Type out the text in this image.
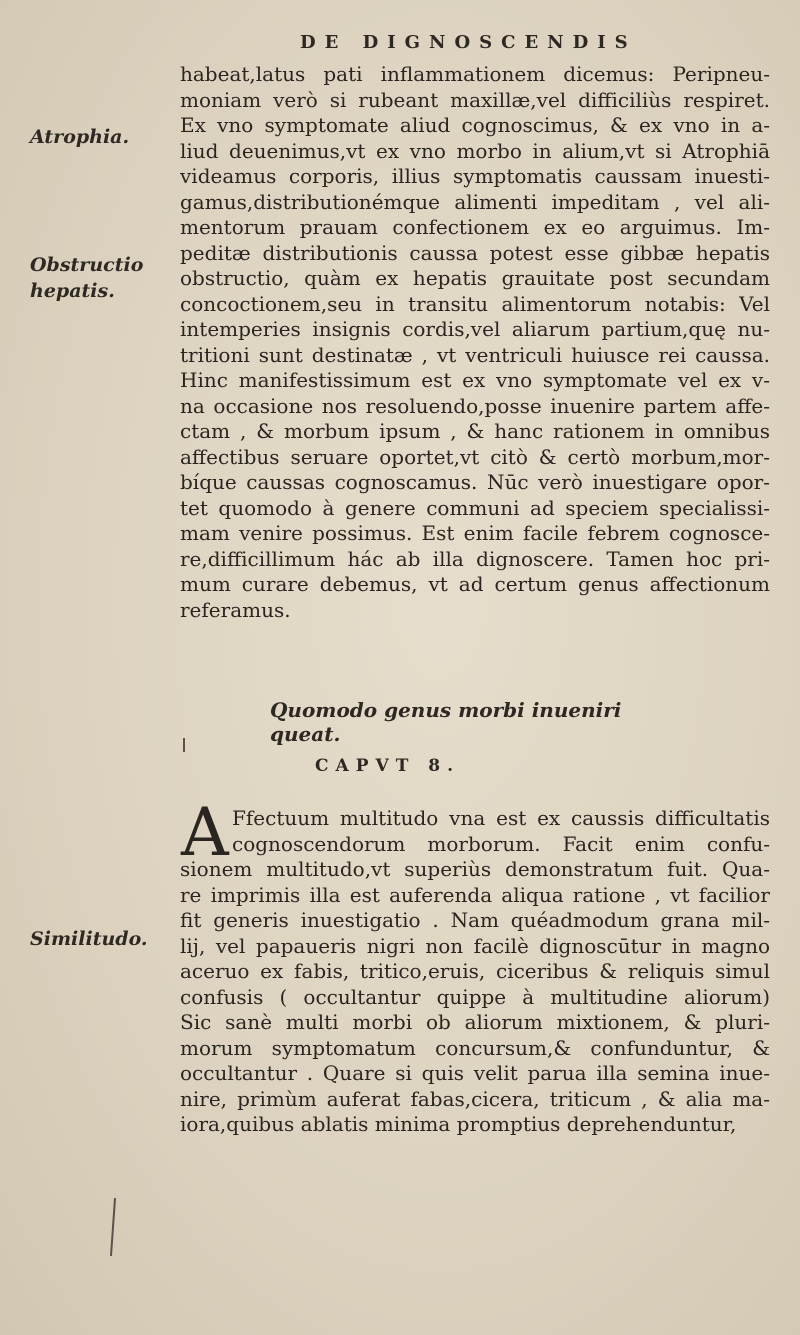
DE DIGNOSCENDIS
Atrophia.
Obstructio hepatis.
Similitudo.
habeat,latus pati inflammationem dicemus: Peripneu-
moniam verò si rubeant maxillæ,vel difficiliùs respiret.
Ex vno symptomate aliud cognoscimus, & ex vno in a-
liud deuenimus,vt ex vno morbo in alium,vt si Atrophiā
videamus corporis, illius symptomatis caussam inuesti-
gamus,distributionémque alimenti impeditam , vel ali-
mentorum prauam confectionem ex eo arguimus. Im-
peditæ distributionis caussa potest esse gibbæ hepatis
obstructio, quàm ex hepatis grauitate post secundam
concoctionem,seu in transitu alimentorum notabis: Vel
intemperies insignis cordis,vel aliarum partium,quę nu-
tritioni sunt destinatæ , vt ventriculi huiusce rei caussa.
Hinc manifestissimum est ex vno symptomate vel ex v-
na occasione nos resoluendo,posse inuenire partem affe-
ctam , & morbum ipsum , & hanc rationem in omnibus
affectibus seruare oportet,vt citò & certò morbum,mor-
bíque caussas cognoscamus. Nūc verò inuestigare opor-
tet quomodo à genere communi ad speciem specialissi-
mam venire possimus. Est enim facile febrem cognosce-
re,difficillimum hác ab illa dignoscere. Tamen hoc pri-
mum curare debemus, vt ad certum genus affectionum
referamus.
Quomodo genus morbi inueniri queat.
CAPVT 8.
A Ffectuum multitudo vna est ex caussis difficultatis
cognoscendorum morborum. Facit enim confu-
sionem multitudo,vt superiùs demonstratum fuit. Qua-
re imprimis illa est auferenda aliqua ratione , vt facilior
fit generis inuestigatio . Nam quéadmodum grana mil-
lij, vel papaueris nigri non facilè dignoscūtur in magno
aceruo ex fabis, tritico,eruis, ciceribus & reliquis simul
confusis ( occultantur quippe à multitudine aliorum)
Sic sanè multi morbi ob aliorum mixtionem, & pluri-
morum symptomatum concursum,& confunduntur, &
occultantur . Quare si quis velit parua illa semina inue-
nire, primùm auferat fabas,cicera, triticum , & alia ma-
iora,quibus ablatis minima promptius deprehenduntur,
